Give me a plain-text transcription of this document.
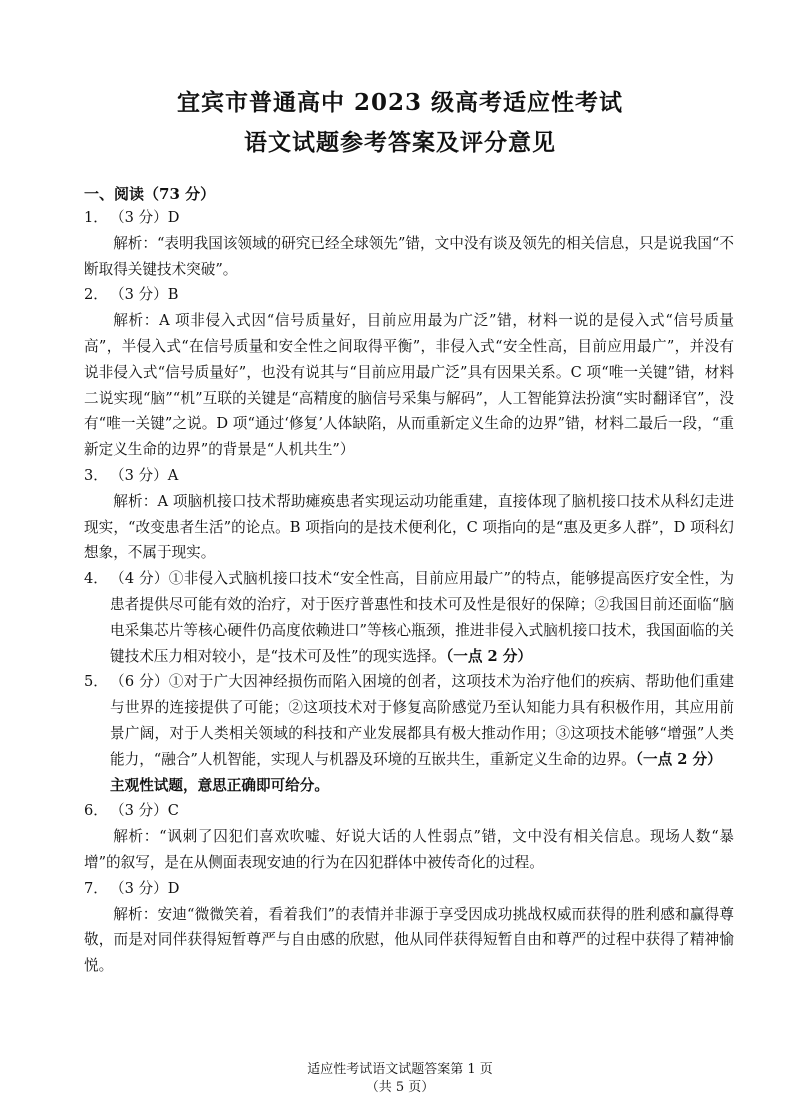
宜宾市普通高中 2023 级高考适应性考试
语文试题参考答案及评分意见
一、阅读（73 分）
1． （3 分）D

解析：“表明我国该领域的研究已经全球领先”错，文中没有谈及领先的相关信息，只是说我国“不断取得关键技术突破”。

2． （3 分）B

解析：A 项非侵入式因“信号质量好，目前应用最为广泛”错，材料一说的是侵入式“信号质量高”，半侵入式“在信号质量和安全性之间取得平衡”，非侵入式“安全性高，目前应用最广”，并没有说非侵入式“信号质量好”，也没有说其与“目前应用最广泛”具有因果关系。C 项“唯一关键”错，材料二说实现“脑”“机”互联的关键是“高精度的脑信号采集与解码”，人工智能算法扮演“实时翻译官”，没有“唯一关键”之说。D 项“通过‘修复’人体缺陷，从而重新定义生命的边界”错，材料二最后一段，“重新定义生命的边界”的背景是“人机共生”）

3． （3 分）A

解析：A 项脑机接口技术帮助瘫痪患者实现运动功能重建，直接体现了脑机接口技术从科幻走进现实，“改变患者生活”的论点。B 项指向的是技术便利化，C 项指向的是“惠及更多人群”，D 项科幻想象，不属于现实。

4． （4 分）①非侵入式脑机接口技术“安全性高，目前应用最广”的特点，能够提高医疗安全性，为患者提供尽可能有效的治疗，对于医疗普惠性和技术可及性是很好的保障；②我国目前还面临“脑电采集芯片等核心硬件仍高度依赖进口”等核心瓶颈，推进非侵入式脑机接口技术，我国面临的关键技术压力相对较小，是“技术可及性”的现实选择。（一点 2 分）
5． （6 分）①对于广大因神经损伤而陷入困境的创者，这项技术为治疗他们的疾病、帮助他们重建与世界的连接提供了可能；②这项技术对于修复高阶感觉乃至认知能力具有积极作用，其应用前景广阔，对于人类相关领域的科技和产业发展都具有极大推动作用；③这项技术能够“增强”人类能力，“融合”人机智能，实现人与机器及环境的互嵌共生，重新定义生命的边界。（一点 2 分）

主观性试题，意思正确即可给分。

6． （3 分）C

解析：“讽刺了囚犯们喜欢吹嘘、好说大话的人性弱点”错，文中没有相关信息。现场人数“暴增”的叙写，是在从侧面表现安迪的行为在囚犯群体中被传奇化的过程。

7． （3 分）D

解析：安迪“微微笑着，看着我们”的表情并非源于享受因成功挑战权威而获得的胜利感和赢得尊敬，而是对同伴获得短暂尊严与自由感的欣慰，他从同伴获得短暂自由和尊严的过程中获得了精神愉悦。

适应性考试语文试题答案第 1 页
（共 5 页）
